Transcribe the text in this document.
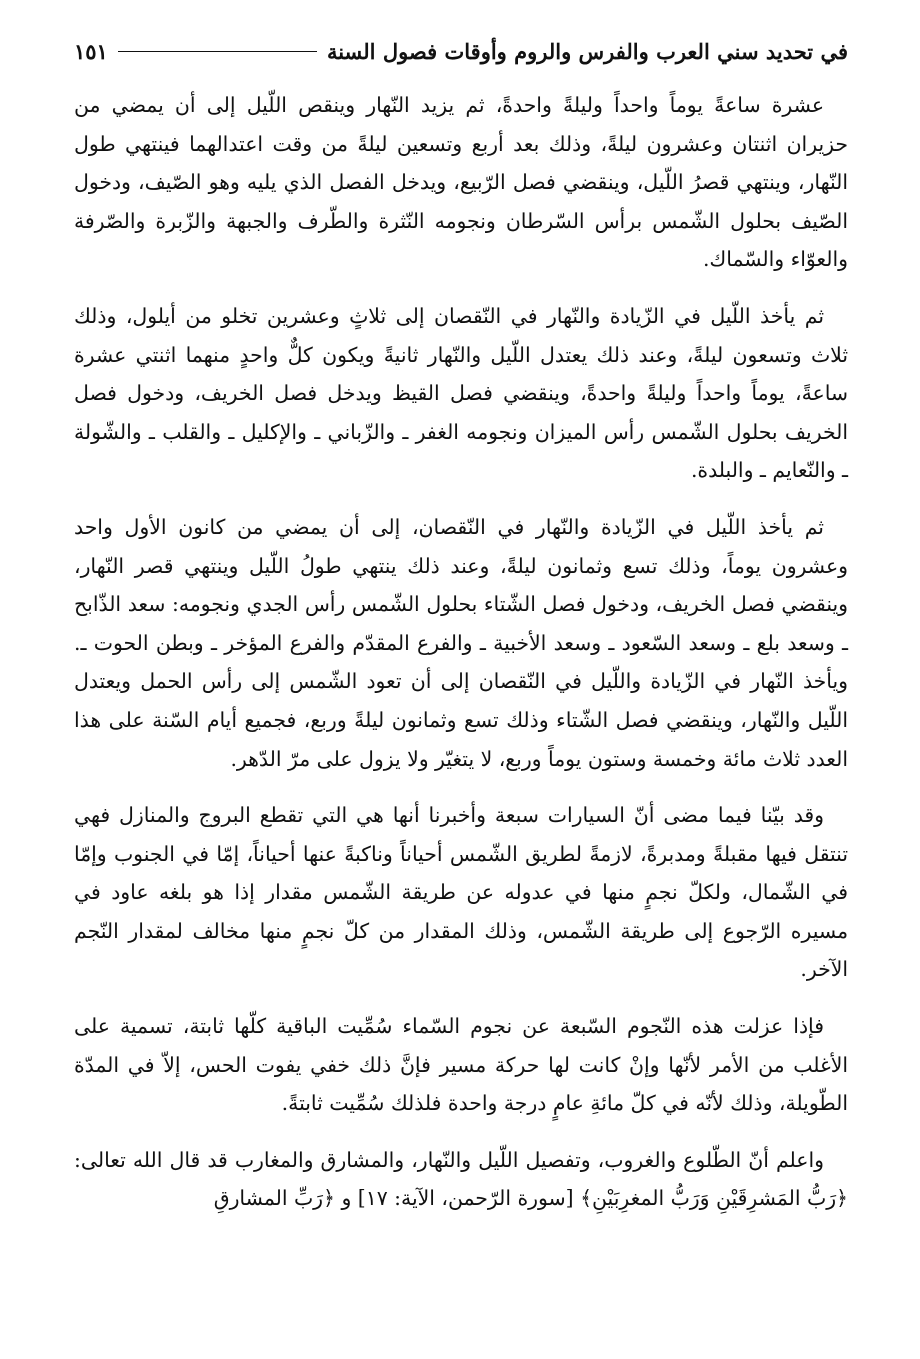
في تحديد سني العرب والفرس والروم وأوقات فصول السنة
١٥١

عشرة ساعةً يوماً واحداً وليلةً واحدةً، ثم يزيد النّهار وينقص اللّيل إلى أن يمضي من حزيران اثنتان وعشرون ليلةً، وذلك بعد أربع وتسعين ليلةً من وقت اعتدالهما فينتهي طول النّهار، وينتهي قصرُ اللّيل، وينقضي فصل الرّبيع، ويدخل الفصل الذي يليه وهو الصّيف، ودخول الصّيف بحلول الشّمس برأس السّرطان ونجومه النّثرة والطّرف والجبهة والزّبرة والصّرفة والعوّاء والسّماك.

ثم يأخذ اللّيل في الزّيادة والنّهار في النّقصان إلى ثلاثٍ وعشرين تخلو من أيلول، وذلك ثلاث وتسعون ليلةً، وعند ذلك يعتدل اللّيل والنّهار ثانيةً ويكون كلٌّ واحدٍ منهما اثنتي عشرة ساعةً، يوماً واحداً وليلةً واحدةً، وينقضي فصل القيظ ويدخل فصل الخريف، ودخول فصل الخريف بحلول الشّمس رأس الميزان ونجومه الغفر ـ والزّباني ـ والإكليل ـ والقلب ـ والشّولة ـ والنّعايم ـ والبلدة.

ثم يأخذ اللّيل في الزّيادة والنّهار في النّقصان، إلى أن يمضي من كانون الأول واحد وعشرون يوماً، وذلك تسع وثمانون ليلةً، وعند ذلك ينتهي طولُ اللّيل وينتهي قصر النّهار، وينقضي فصل الخريف، ودخول فصل الشّتاء بحلول الشّمس رأس الجدي ونجومه: سعد الذّابح ـ وسعد بلع ـ وسعد السّعود ـ وسعد الأخبية ـ والفرع المقدّم والفرع المؤخر ـ وبطن الحوت ـ. ويأخذ النّهار في الزّيادة واللّيل في النّقصان إلى أن تعود الشّمس إلى رأس الحمل ويعتدل اللّيل والنّهار، وينقضي فصل الشّتاء وذلك تسع وثمانون ليلةً وربع، فجميع أيام السّنة على هذا العدد ثلاث مائة وخمسة وستون يوماً وربع، لا يتغيّر ولا يزول على مرّ الدّهر.

وقد بيّنا فيما مضى أنّ السيارات سبعة وأخبرنا أنها هي التي تقطع البروج والمنازل فهي تنتقل فيها مقبلةً ومدبرةً، لازمةً لطريق الشّمس أحياناً وناكبةً عنها أحياناً، إمّا في الجنوب وإمّا في الشّمال، ولكلّ نجمٍ منها في عدوله عن طريقة الشّمس مقدار إذا هو بلغه عاود في مسيره الرّجوع إلى طريقة الشّمس، وذلك المقدار من كلّ نجمٍ منها مخالف لمقدار النّجم الآخر.

فإذا عزلت هذه النّجوم السّبعة عن نجوم السّماء سُمِّيت الباقية كلّها ثابتة، تسمية على الأغلب من الأمر لأنّها وإنْ كانت لها حركة مسير فإنَّ ذلك خفي يفوت الحس، إلاّ في المدّة الطّويلة، وذلك لأنّه في كلّ مائةِ عامٍ درجة واحدة فلذلك سُمِّيت ثابتةً.

واعلم أنّ الطّلوع والغروب، وتفصيل اللّيل والنّهار، والمشارق والمغارب قد قال الله تعالى: ﴿رَبُّ المَشرِقَيْنِ وَرَبُّ المغرِبَيْنِ﴾ [سورة الرّحمن، الآية: ١٧] و ﴿رَبِّ المشارقِ
